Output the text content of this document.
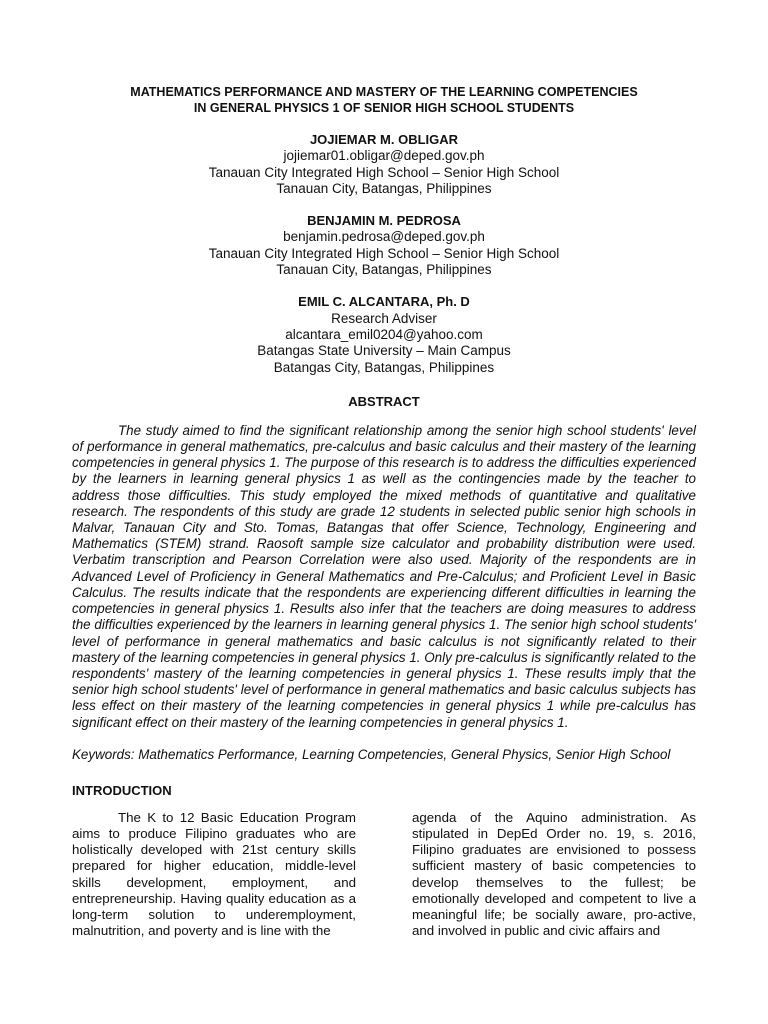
MATHEMATICS PERFORMANCE AND MASTERY OF THE LEARNING COMPETENCIES
IN GENERAL PHYSICS 1 OF SENIOR HIGH SCHOOL STUDENTS
JOJIEMAR M. OBLIGAR
jojiemar01.obligar@deped.gov.ph
Tanauan City Integrated High School – Senior High School
Tanauan City, Batangas, Philippines
BENJAMIN M. PEDROSA
benjamin.pedrosa@deped.gov.ph
Tanauan City Integrated High School – Senior High School
Tanauan City, Batangas, Philippines
EMIL C. ALCANTARA, Ph. D
Research Adviser
alcantara_emil0204@yahoo.com
Batangas State University – Main Campus
Batangas City, Batangas, Philippines
ABSTRACT

The study aimed to find the significant relationship among the senior high school students' level of performance in general mathematics, pre-calculus and basic calculus and their mastery of the learning competencies in general physics 1. The purpose of this research is to address the difficulties experienced by the learners in learning general physics 1 as well as the contingencies made by the teacher to address those difficulties. This study employed the mixed methods of quantitative and qualitative research. The respondents of this study are grade 12 students in selected public senior high schools in Malvar, Tanauan City and Sto. Tomas, Batangas that offer Science, Technology, Engineering and Mathematics (STEM) strand. Raosoft sample size calculator and probability distribution were used. Verbatim transcription and Pearson Correlation were also used. Majority of the respondents are in Advanced Level of Proficiency in General Mathematics and Pre-Calculus; and Proficient Level in Basic Calculus. The results indicate that the respondents are experiencing different difficulties in learning the competencies in general physics 1. Results also infer that the teachers are doing measures to address the difficulties experienced by the learners in learning general physics 1. The senior high school students' level of performance in general mathematics and basic calculus is not significantly related to their mastery of the learning competencies in general physics 1. Only pre-calculus is significantly related to the respondents' mastery of the learning competencies in general physics 1. These results imply that the senior high school students' level of performance in general mathematics and basic calculus subjects has less effect on their mastery of the learning competencies in general physics 1 while pre-calculus has significant effect on their mastery of the learning competencies in general physics 1.

Keywords: Mathematics Performance, Learning Competencies, General Physics, Senior High School
INTRODUCTION

The K to 12 Basic Education Program aims to produce Filipino graduates who are holistically developed with 21st century skills prepared for higher education, middle-level skills development, employment, and entrepreneurship. Having quality education as a long-term solution to underemployment, malnutrition, and poverty and is line with the

agenda of the Aquino administration. As stipulated in DepEd Order no. 19, s. 2016, Filipino graduates are envisioned to possess sufficient mastery of basic competencies to develop themselves to the fullest; be emotionally developed and competent to live a meaningful life; be socially aware, pro-active, and involved in public and civic affairs and
